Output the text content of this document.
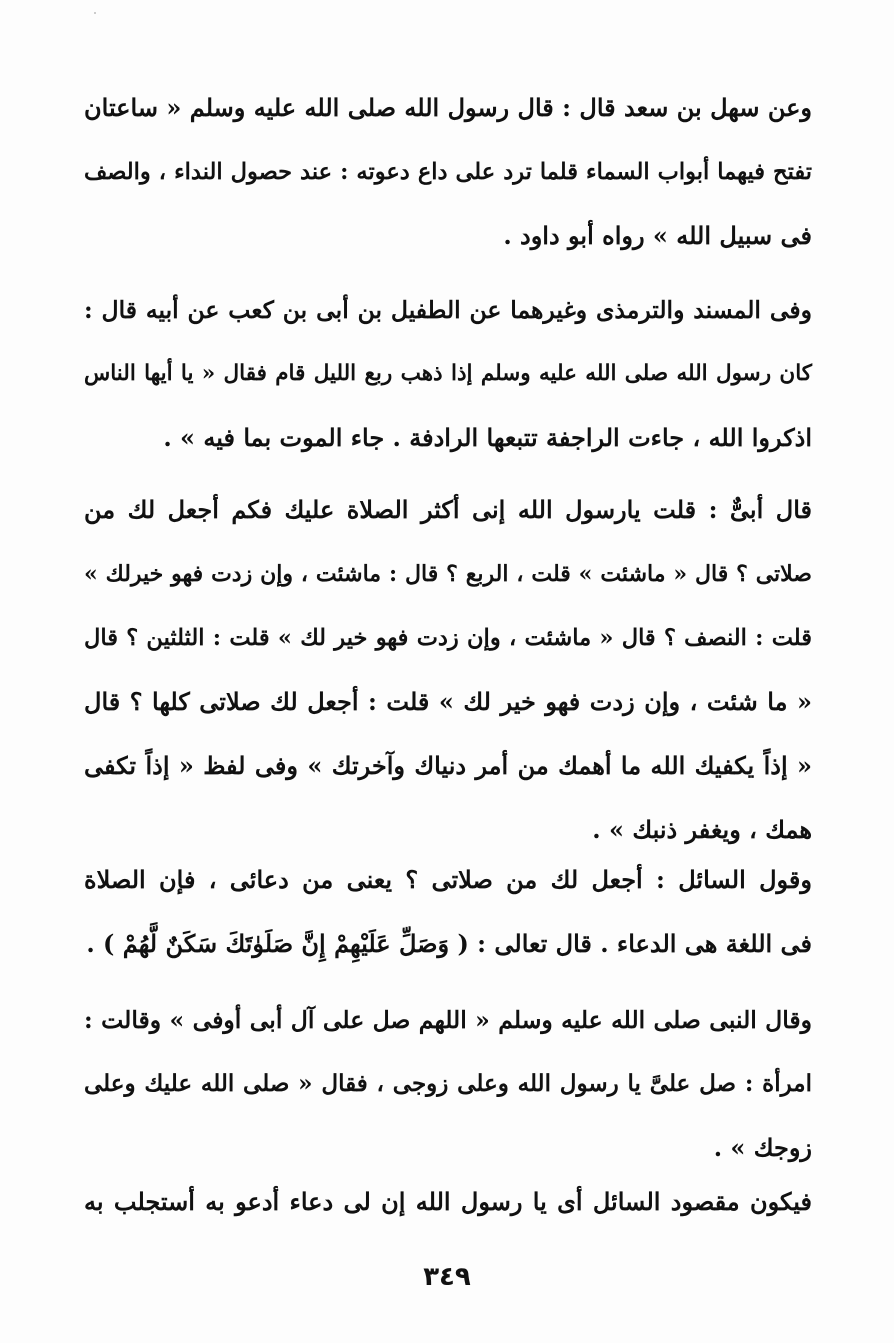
وعن سهل بن سعد قال : قال رسول الله صلى الله عليه وسلم « ساعتان
تفتح فيهما أبواب السماء قلما ترد على داع دعوته : عند حصول النداء ، والصف
فى سبيل الله » رواه أبو داود .
وفى المسند والترمذى وغيرهما عن الطفيل بن أبى بن كعب عن أبيه قال :
كان رسول الله صلى الله عليه وسلم إذا ذهب ربع الليل قام فقال « يا أيها الناس
اذكروا الله ، جاءت الراجفة تتبعها الرادفة . جاء الموت بما فيه » .
قال أبىٌّ : قلت يارسول الله إنى أكثر الصلاة عليك فكم أجعل لك من
صلاتى ؟ قال « ماشئت » قلت ، الربع ؟ قال : ماشئت ، وإن زدت فهو خيرلك »
قلت : النصف ؟ قال « ماشئت ، وإن زدت فهو خير لك » قلت : الثلثين ؟ قال
« ما شئت ، وإن زدت فهو خير لك » قلت : أجعل لك صلاتى كلها ؟ قال
« إذاً يكفيك الله ما أهمك من أمر دنياك وآخرتك » وفى لفظ « إذاً تكفى
همك ، ويغفر ذنبك » .
وقول السائل : أجعل لك من صلاتى ؟ يعنى من دعائى ، فإن الصلاة
فى اللغة هى الدعاء . قال تعالى : ( وَصَلِّ عَلَيْهِمْ إِنَّ صَلَوٰتَكَ سَكَنٌ لَّهُمْ ) .
وقال النبى صلى الله عليه وسلم « اللهم صل على آل أبى أوفى » وقالت :
امرأة : صل علىَّ يا رسول الله وعلى زوجى ، فقال « صلى الله عليك وعلى
زوجك » .
فيكون مقصود السائل أى يا رسول الله إن لى دعاء أدعو به أستجلب به
٣٤٩
